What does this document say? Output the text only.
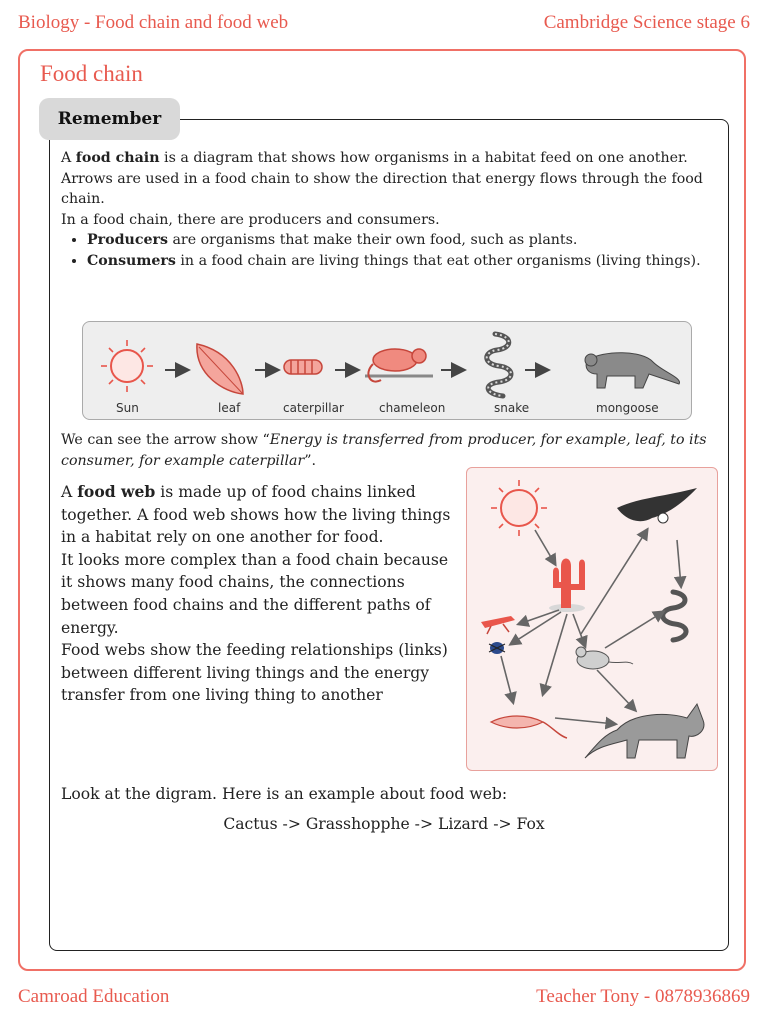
Biology - Food chain and food web	Cambridge Science stage 6
Food chain
Remember
A food chain is a diagram that shows how organisms in a habitat feed on one another. Arrows are used in a food chain to show the direction that energy flows through the food chain.
In a food chain, there are producers and consumers.
• Producers are organisms that make their own food, such as plants.
• Consumers in a food chain are living things that eat other organisms (living things).
Sun	leaf	caterpillar	chameleon	snake	mongoose
We can see the arrow show “Energy is transferred from producer, for example, leaf, to its consumer, for example caterpillar”.
A food web is made up of food chains linked together. A food web shows how the living things in a habitat rely on one another for food.
It looks more complex than a food chain because it shows many food chains, the connections between food chains and the different paths of energy.
Food webs show the feeding relationships (links) between different living things and the energy transfer from one living thing to another
Look at the digram. Here is an example about food web:
Cactus -> Grasshopphe -> Lizard -> Fox
Camroad Education	Teacher Tony - 0878936869
